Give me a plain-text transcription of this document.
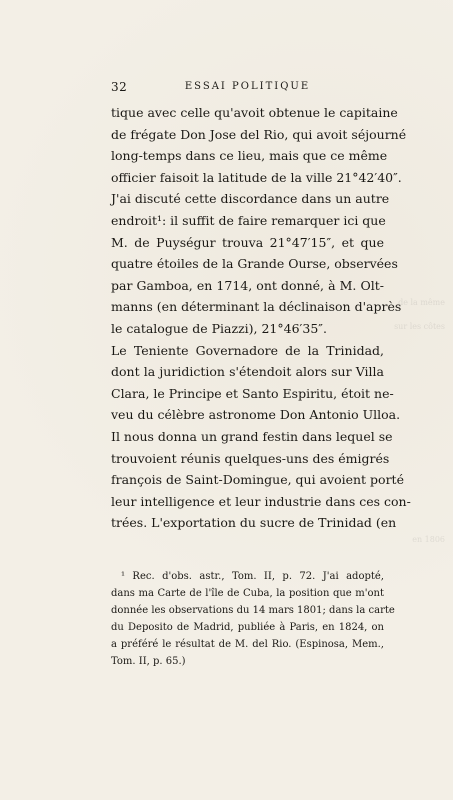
de la même
sur les côtes
en 1806
32	ESSAI POLITIQUE
tique avec celle qu'avoit obtenue le capitaine
de frégate Don Jose del Rio, qui avoit séjourné
long-temps dans ce lieu, mais que ce même
officier faisoit la latitude de la ville 21°42′40″.
J'ai discuté cette discordance dans un autre
endroit¹: il suffit de faire remarquer ici que
M. de Puységur trouva 21°47′15″, et que
quatre étoiles de la Grande Ourse, observées
par Gamboa, en 1714, ont donné, à M. Olt-
manns (en déterminant la déclinaison d'après
le catalogue de Piazzi), 21°46′35″.
Le Teniente Governadore de la Trinidad,
dont la juridiction s'étendoit alors sur Villa
Clara, le Principe et Santo Espiritu, étoit ne-
veu du célèbre astronome Don Antonio Ulloa.
Il nous donna un grand festin dans lequel se
trouvoient réunis quelques-uns des émigrés
françois de Saint-Domingue, qui avoient porté
leur intelligence et leur industrie dans ces con-
trées. L'exportation du sucre de Trinidad (en
¹ Rec. d'obs. astr., Tom. II, p. 72. J'ai adopté,
dans ma Carte de l'île de Cuba, la position que m'ont
donnée les observations du 14 mars 1801; dans la carte
du Deposito de Madrid, publiée à Paris, en 1824, on
a préféré le résultat de M. del Rio. (Espinosa, Mem.,
Tom. II, p. 65.)
